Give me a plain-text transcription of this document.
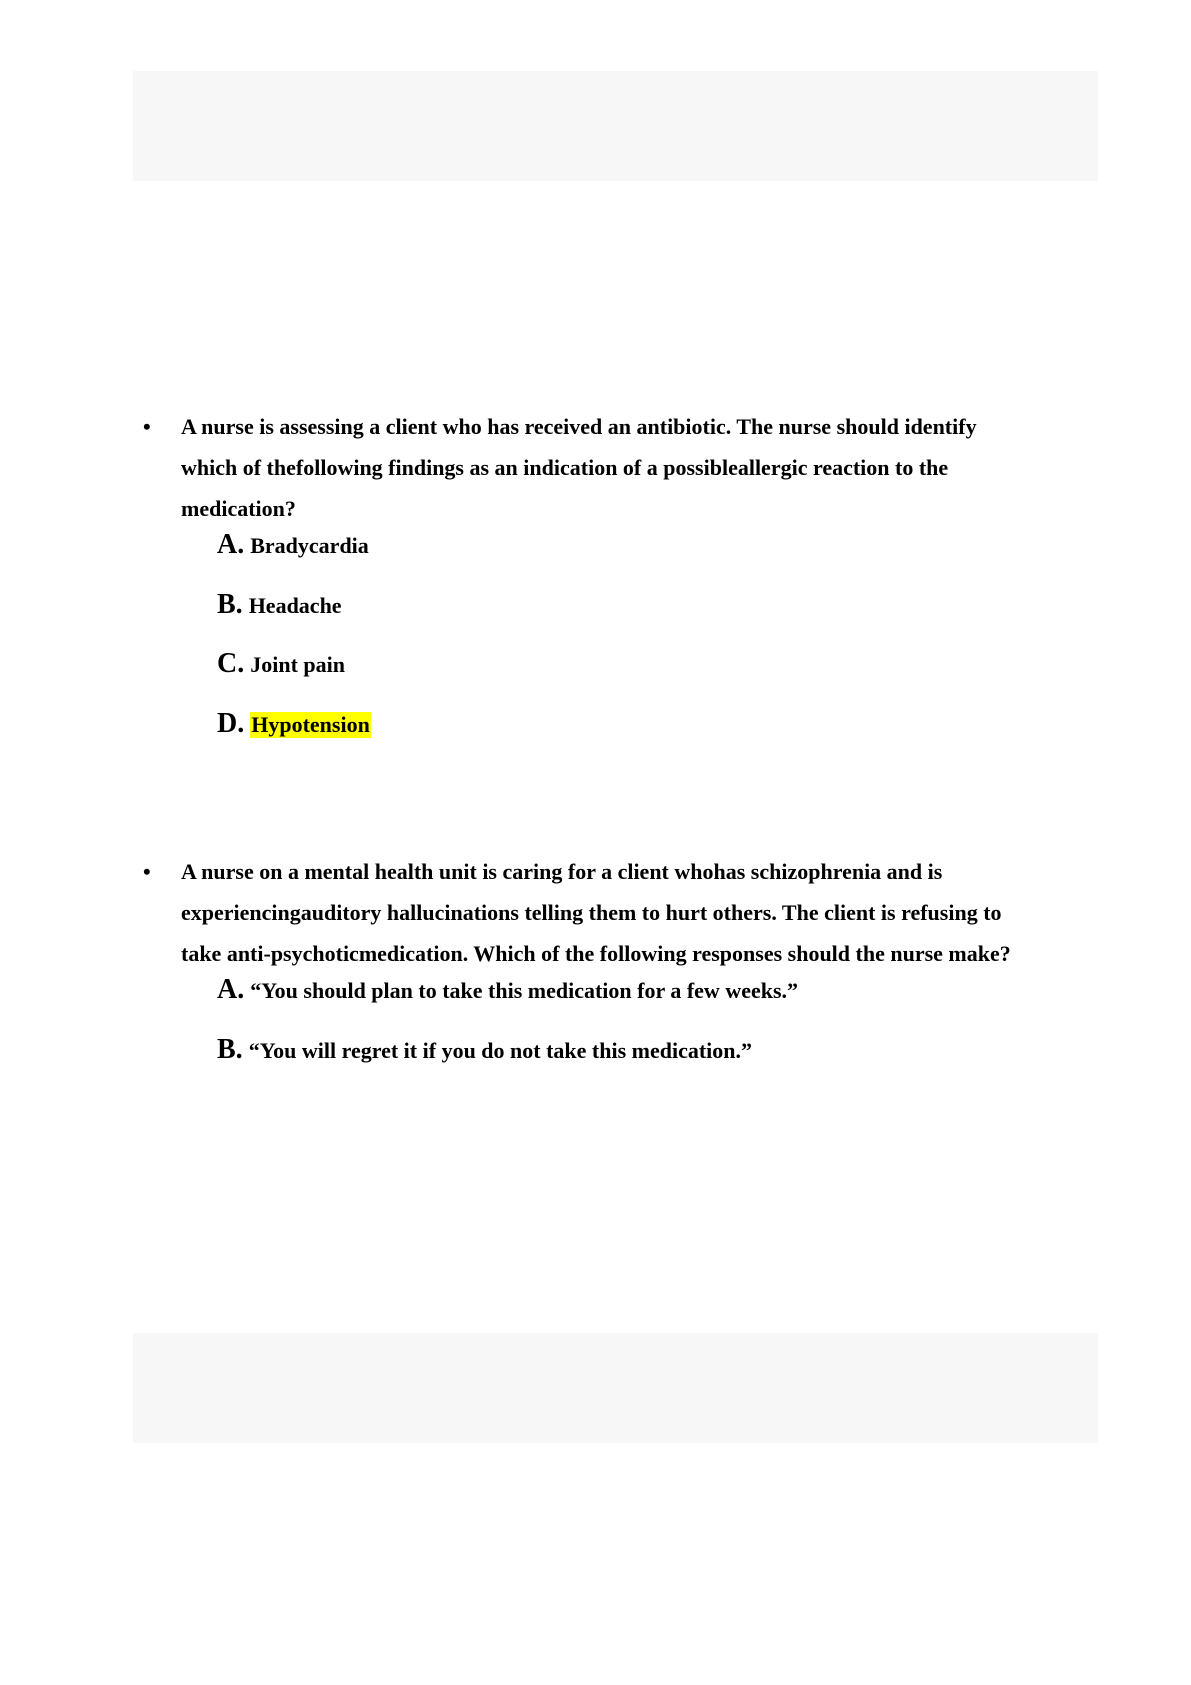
• A nurse is assessing a client who has received an antibiotic. The nurse should identify which of thefollowing findings as an indication of a possibleallergic reaction to the medication?
A. Bradycardia
B. Headache
C. Joint pain
D. Hypotension
• A nurse on a mental health unit is caring for a client whohas schizophrenia and is experiencingauditory hallucinations telling them to hurt others. The client is refusing to take anti-psychoticmedication. Which of the following responses should the nurse make?
A. “You should plan to take this medication for a few weeks.”
B. “You will regret it if you do not take this medication.”
